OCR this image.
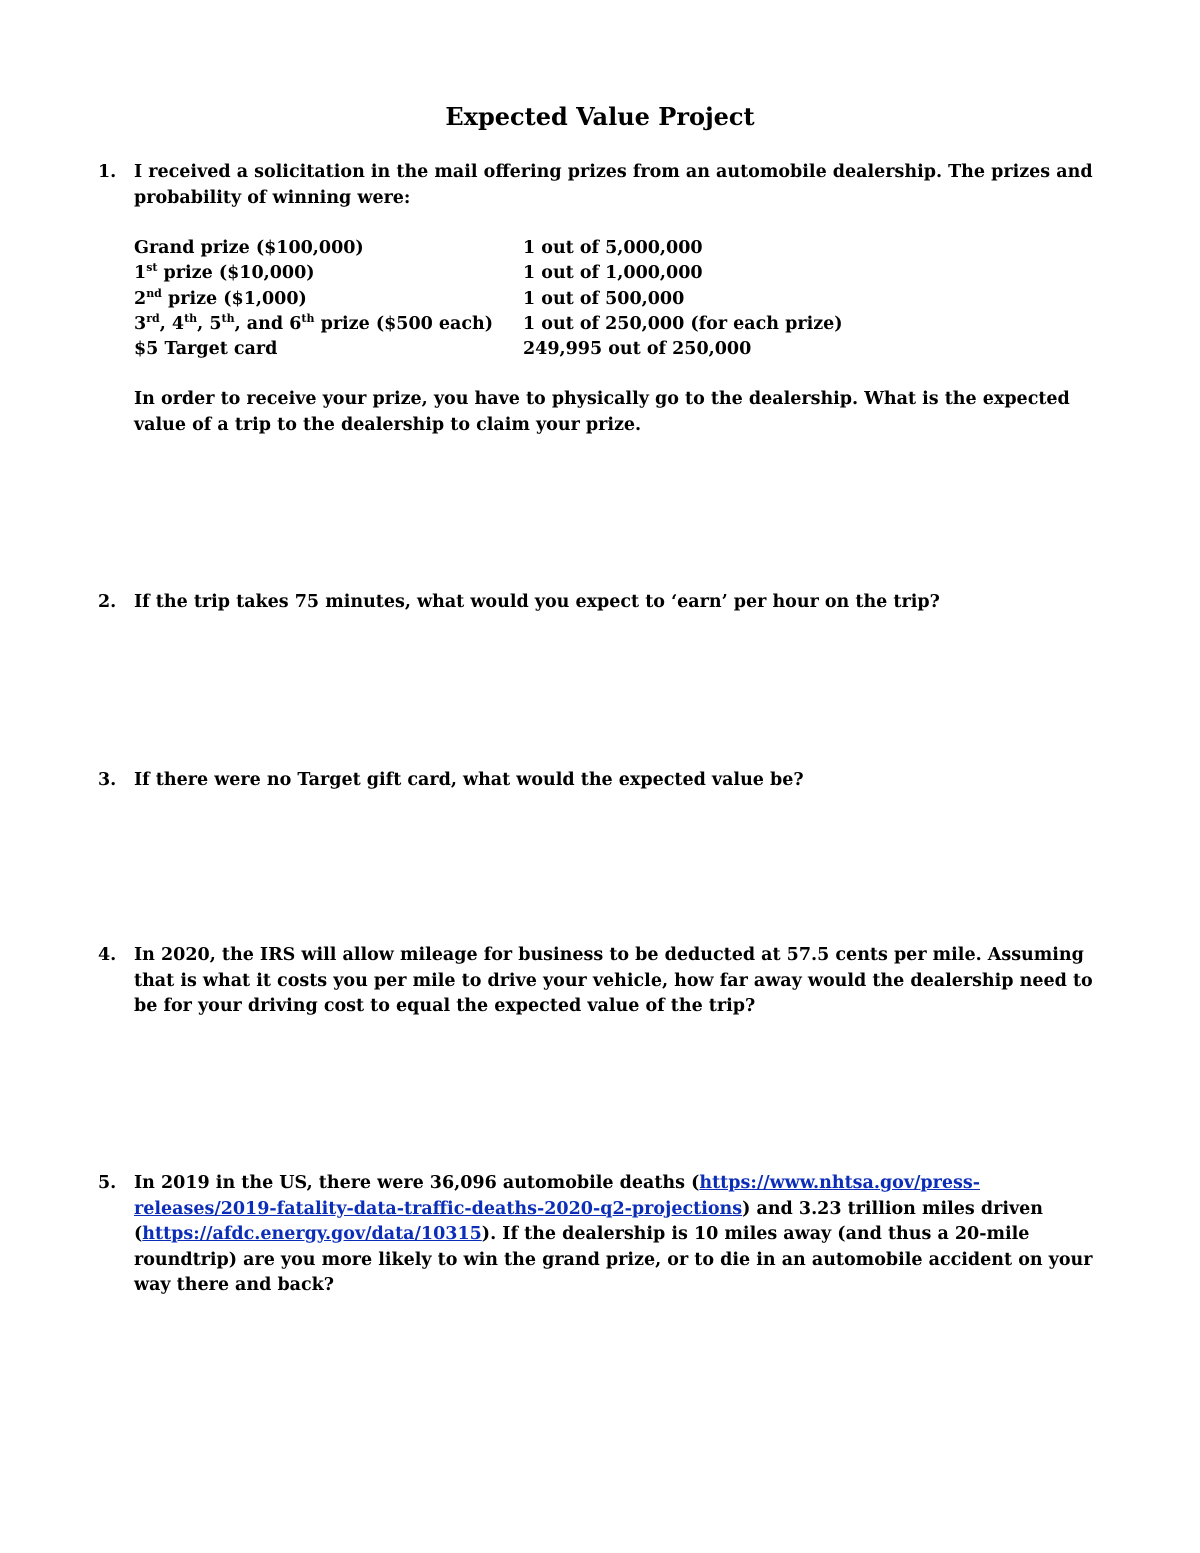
Expected Value Project
1. I received a solicitation in the mail offering prizes from an automobile dealership. The prizes and probability of winning were:
Grand prize ($100,000)	1 out of 5,000,000
1st prize ($10,000)	1 out of 1,000,000
2nd prize ($1,000)	1 out of 500,000
3rd, 4th, 5th, and 6th prize ($500 each)	1 out of 250,000 (for each prize)
$5 Target card	249,995 out of 250,000
In order to receive your prize, you have to physically go to the dealership. What is the expected value of a trip to the dealership to claim your prize.
2. If the trip takes 75 minutes, what would you expect to ‘earn’ per hour on the trip?
3. If there were no Target gift card, what would the expected value be?
4. In 2020, the IRS will allow mileage for business to be deducted at 57.5 cents per mile. Assuming that is what it costs you per mile to drive your vehicle, how far away would the dealership need to be for your driving cost to equal the expected value of the trip?
5. In 2019 in the US, there were 36,096 automobile deaths (https://www.nhtsa.gov/press-releases/2019-fatality-data-traffic-deaths-2020-q2-projections) and 3.23 trillion miles driven (https://afdc.energy.gov/data/10315). If the dealership is 10 miles away (and thus a 20-mile roundtrip) are you more likely to win the grand prize, or to die in an automobile accident on your way there and back?
